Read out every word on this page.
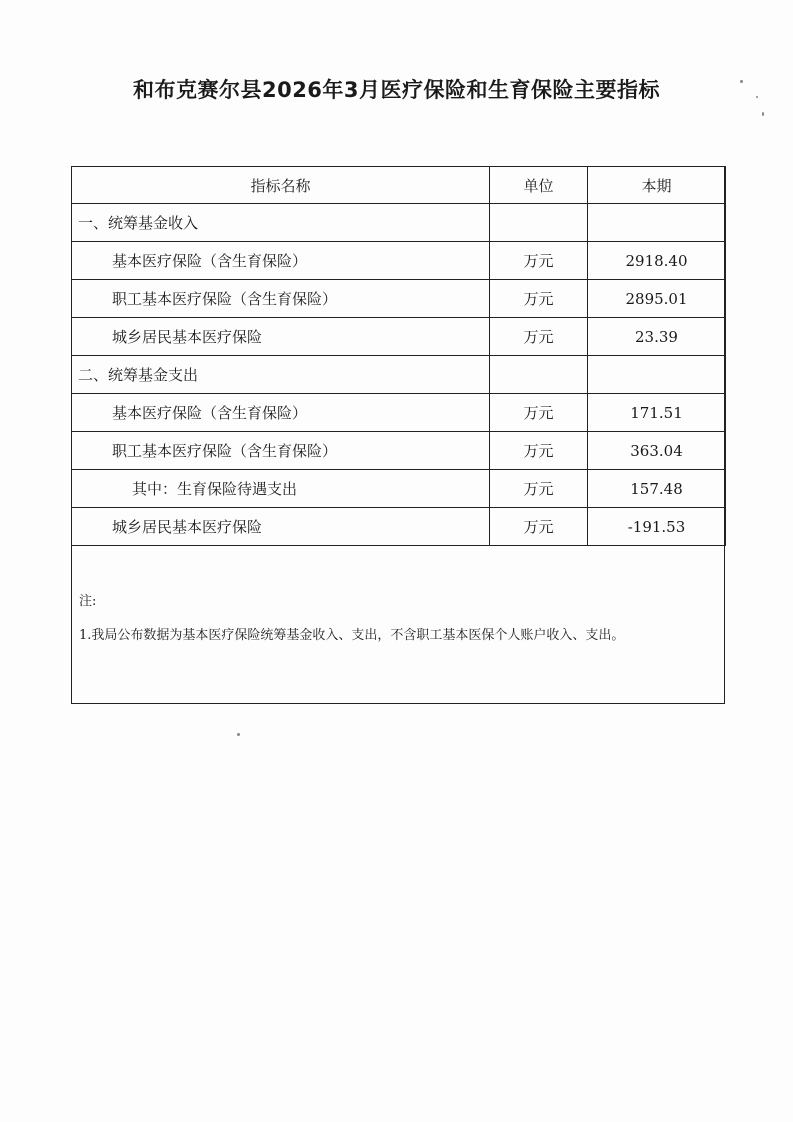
和布克赛尔县2026年3月医疗保险和生育保险主要指标
指标名称	单位	本期
一、统筹基金收入		
基本医疗保险（含生育保险）	万元	2918.40
职工基本医疗保险（含生育保险）	万元	2895.01
城乡居民基本医疗保险	万元	23.39
二、统筹基金支出		
基本医疗保险（含生育保险）	万元	171.51
职工基本医疗保险（含生育保险）	万元	363.04
其中：生育保险待遇支出	万元	157.48
城乡居民基本医疗保险	万元	-191.53
注:
1.我局公布数据为基本医疗保险统筹基金收入、支出，不含职工基本医保个人账户收入、支出。
